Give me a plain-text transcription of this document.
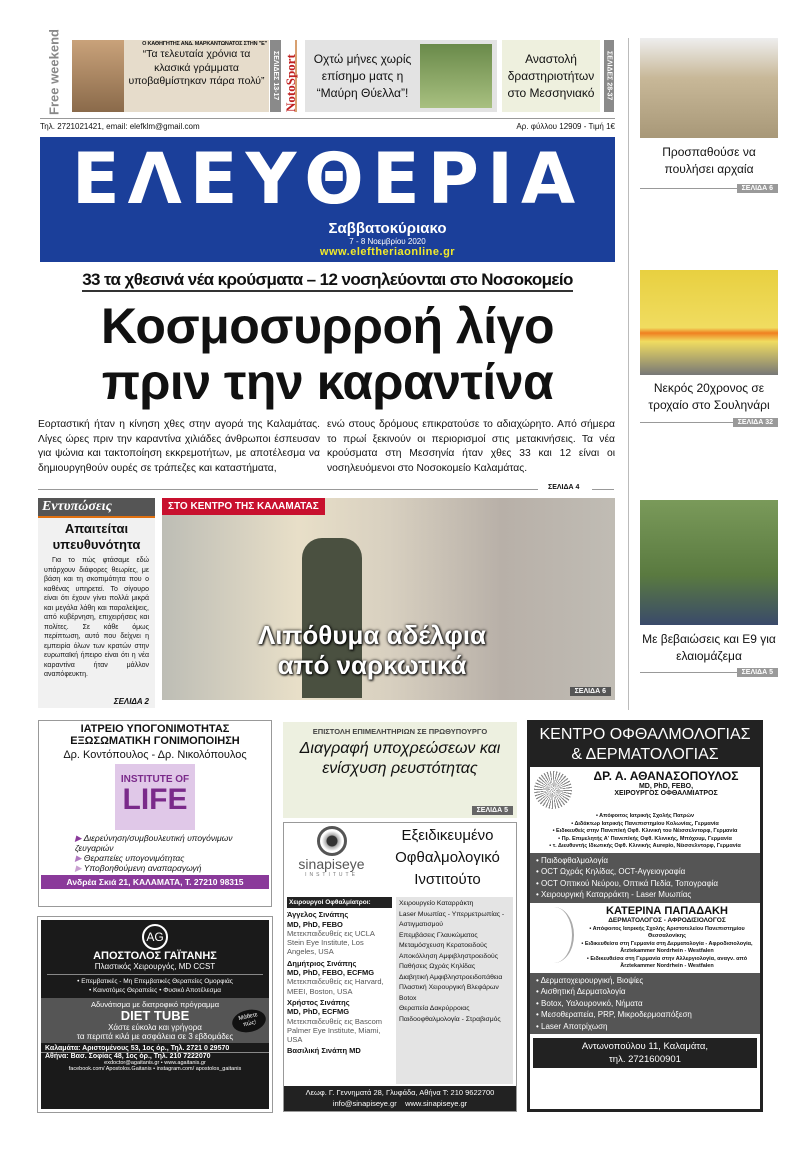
Free weekend	Ο ΚΑΘΗΓΗΤΗΣ ΑΝΔ. ΜΑΡΚΑΝΤΩΝΑΤΟΣ ΣΤΗΝ "Ε"
“Τα τελευταία χρόνια τα κλασικά γράμματα υποβαθμίστηκαν πάρα πολύ”	ΣΕΛΙΔΕΣ 13-17 NotoSport	Οχτώ μήνες χωρίς επίσημο ματς η “Μαύρη Θύελλα”!
Αναστολή δραστηριοτήτων στο Μεσσηνιακό	ΣΕΛΙΔΕΣ 28-37
Τηλ. 2721021421, email: elefklm@gmail.com	Αρ. φύλλου 12909 - Τιμή 1€
ΕΛΕΥΘΕΡΙΑ
Σαββατοκύριακο
7 - 8 Νοεμβρίου 2020
www.eleftheriaonline.gr
33 τα χθεσινά νέα κρούσματα – 12 νοσηλεύονται στο Νοσοκομείο
Κοσμοσυρροή λίγο
πριν την καραντίνα
Εορταστική ήταν η κίνηση χθες στην αγορά της Καλαμάτας. Λίγες ώρες πριν την καραντίνα χιλιάδες άνθρωποι έσπευσαν για ψώνια και τακτοποίηση εκκρεμοτήτων, με αποτέλεσμα να δημιουργηθούν ουρές σε τράπεζες και καταστήματα,
ενώ στους δρόμους επικρατούσε το αδιαχώρητο. Από σήμερα το πρωί ξεκινούν οι περιορισμοί στις μετακινήσεις. Τα νέα κρούσματα στη Μεσσηνία ήταν χθες 33 και 12 είναι οι νοσηλευόμενοι στο Νοσοκομείο Καλαμάτας.
ΣΕΛΙΔΑ 4
Εντυπώσεις
Απαιτείται υπευθυνότητα
Για το πώς φτάσαμε εδώ υπάρχουν διάφορες θεωρίες, με βάση και τη σκοπιμότητα που ο καθένας υπηρετεί. Το σίγουρο είναι ότι έχουν γίνει πολλά μικρά και μεγάλα λάθη και παραλείψεις, από κυβέρνηση, επιχειρήσεις και πολίτες. Σε κάθε όμως περίπτωση, αυτό που δείχνει η εμπειρία όλων των κρατών στην ευρωπαϊκή ήπειρο είναι ότι η νέα καραντίνα ήταν μάλλον αναπόφευκτη.
ΣΕΛΙΔΑ 2
ΣΤΟ ΚΕΝΤΡΟ ΤΗΣ ΚΑΛΑΜΑΤΑΣ
Λιπόθυμα αδέλφια
από ναρκωτικά
ΣΕΛΙΔΑ 6
Προσπαθούσε να πουλήσει αρχαία
ΣΕΛΙΔΑ 6
Νεκρός 20χρονος σε τροχαίο στο Σουληνάρι
ΣΕΛΙΔΑ 32
Με βεβαιώσεις και Ε9 για ελαιομάζεμα
ΣΕΛΙΔΑ 5
ΙΑΤΡΕΙΟ ΥΠΟΓΟΝΙΜΟΤΗΤΑΣ
ΕΞΩΣΩΜΑΤΙΚΗ ΓΟΝΙΜΟΠΟΙΗΣΗ
Δρ. Κοντόπουλος - Δρ. Νικολόπουλος
INSTITUTE OF
LIFE
▶ Διερεύνηση/συμβουλευτική υπογόνιμων ζευγαριών
▶ Θεραπείες υπογονιμότητας
▶ Υποβοηθούμενη αναπαραγωγή
Ανδρέα Σκιά 21, ΚΑΛΑΜΑΤΑ, Τ. 27210 98315
AG
ΑΠΟΣΤΟΛΟΣ ΓΑΪΤΑΝΗΣ
Πλαστικός Χειρουργός, MD CCST
• Επεμβατικές - Μη Επεμβατικές Θεραπείες Ομορφιάς
• Καινοτόμες Θεραπείες • Φυσικό Αποτέλεσμα
Αδυνάτισμα με διατροφικό πρόγραμμα
DIET TUBE
Χάστε εύκολα και γρήγορα
τα περιττά κιλά με ασφάλεια σε 3 εβδομάδες
Μάθετε πώς!
Καλαμάτα: Αριστομένους 53, 1ος όρ., Τηλ. 2721 0 29570
Αθήνα: Βασ. Σοφίας 48, 1ος όρ., Τηλ. 210 7222070
exdoctor@agaitanis.gr • www.agaitanis.gr
facebook.com/ Apostolos.Gaitanis • instagram.com/ apostolos_gaitanis
ΕΠΙΣΤΟΛΗ ΕΠΙΜΕΛΗΤΗΡΙΩΝ ΣΕ ΠΡΩΘΥΠΟΥΡΓΟ
Διαγραφή υποχρεώσεων και ενίσχυση ρευστότητας
ΣΕΛΙΔΑ 5
sinapiseye
INSTITUTE
Εξειδικευμένο
Οφθαλμολογικό
Ινστιτούτο
Χειρουργοί Οφθαλμίατροι:
Άγγελος Σινάπης
MD, PhD, FEBO
Μετεκπαιδευθείς εις UCLA Stein Eye Institute, Los Angeles, USA
Δημήτριος Σινάπης
MD, PhD, FEBO, ECFMG
Μετεκπαιδευθείς εις Harvard, MEEI, Boston, USA
Χρήστος Σινάπης
MD, PhD, ECFMG
Μετεκπαιδευθείς εις Bascom Palmer Eye Institute, Miami, USA
Βασιλική Σινάπη MD
Χειρουργείο Καταρράκτη
Laser Μυωπίας - Υπερμετρωπίας - Αστιγματισμού
Επεμβάσεις Γλαυκώματος
Μεταμόσχευση Κερατοειδούς
Αποκόλληση Αμφιβληστροειδούς
Παθήσεις Ωχράς Κηλίδας
Διαβητική Αμφιβληστροειδοπάθεια
Πλαστική Χειρουργική Βλεφάρων
Botox
Θεραπεία Δακρύρροιας
Παιδοοφθαλμολογία - Στραβισμός
Λεωφ. Γ. Γεννηματά 28, Γλυφάδα, Αθήνα Τ: 210 9622700
info@sinapiseye.gr www.sinapiseye.gr
ΚΕΝΤΡΟ ΟΦΘΑΛΜΟΛΟΓΙΑΣ
& ΔΕΡΜΑΤΟΛΟΓΙΑΣ
ΔΡ. Α. ΑΘΑΝΑΣΟΠΟΥΛΟΣ
MD, PhD, FEBO,
ΧΕΙΡΟΥΡΓΟΣ ΟΦΘΑΛΜΙΑΤΡΟΣ
• Απόφοιτος Ιατρικής Σχολής Πατρών
• Διδάκτωρ Ιατρικής Πανεπιστημίου Κολωνίας, Γερμανία
• Ειδικευθείς στην Πανεπ/κή Οφθ. Κλινική του Νέισσελντορφ, Γερμανία
• Πρ. Επιμελητής Α' Πανεπ/κής Οφθ. Κλινικής, Μπόχουμ, Γερμανία
• τ. Διευθυντής Ιδιωτικής Οφθ. Κλινικής Aurepio, Νέισσελντορφ, Γερμανία
• Παιδοφθαλμολογία
• OCT Ωχράς Κηλίδας, OCT-Αγγειογραφία
• OCT Οπτικού Νεύρου, Οπτικά Πεδία, Τοπογραφία
• Χειρουργική Καταρράκτη - Laser Μυωπίας
ΚΑΤΕΡΙΝΑ ΠΑΠΑΔΑΚΗ
ΔΕΡΜΑΤΟΛΟΓΟΣ - ΑΦΡΟΔΙΣΙΟΛΟΓΟΣ
• Απόφοιτος Ιατρικής Σχολής Αριστοτελείου Πανεπιστημίου Θεσσαλονίκης
• Ειδικευθείσα στη Γερμανία στη Δερματολογία - Αφροδισιολογία, Ärztekammer Nordrhein - Westfalen
• Ειδικευθείσα στη Γερμανία στην Αλλεργιολογία, αναγν. από Ärztekammer Nordrhein - Westfalen
• Δερματοχειρουργική, Βιοψίες
• Αισθητική Δερματολογία
• Botox, Υαλουρονικό, Νήματα
• Μεσοθεραπεία, PRP, Μικροδερμοαπόξεση
• Laser Αποτρίχωση
Αντωνοπούλου 11, Καλαμάτα,
τηλ. 2721600901
